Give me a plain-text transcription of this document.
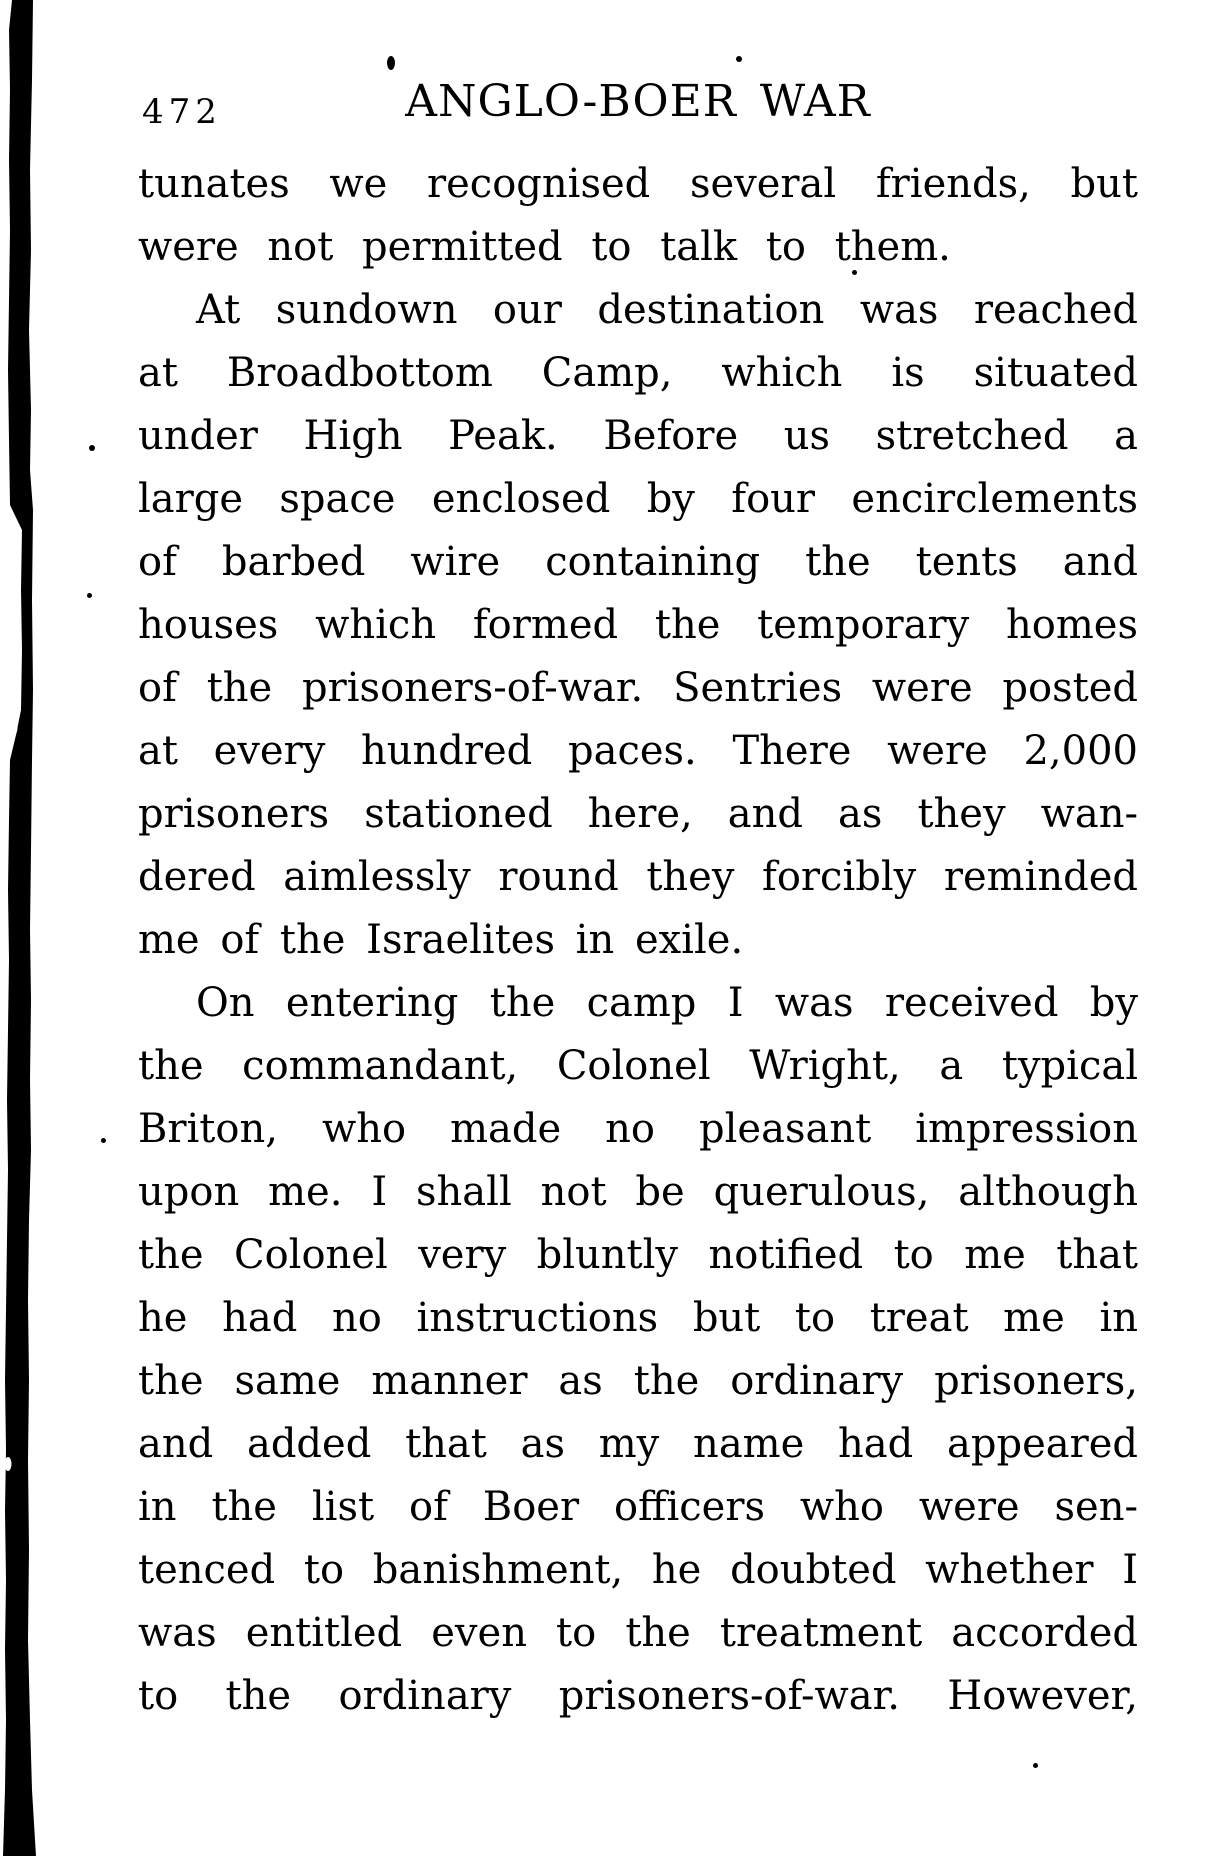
472	ANGLO-BOER WAR
tunates we recognised several friends, but
were not permitted to talk to them.
At sundown our destination was reached
at Broadbottom Camp, which is situated
under High Peak. Before us stretched a
large space enclosed by four encirclements
of barbed wire containing the tents and
houses which formed the temporary homes
of the prisoners-of-war. Sentries were posted
at every hundred paces. There were 2,000
prisoners stationed here, and as they wan-
dered aimlessly round they forcibly reminded
me of the Israelites in exile.
On entering the camp I was received by
the commandant, Colonel Wright, a typical
Briton, who made no pleasant impression
upon me. I shall not be querulous, although
the Colonel very bluntly notified to me that
he had no instructions but to treat me in
the same manner as the ordinary prisoners,
and added that as my name had appeared
in the list of Boer officers who were sen-
tenced to banishment, he doubted whether I
was entitled even to the treatment accorded
to the ordinary prisoners-of-war. However,
